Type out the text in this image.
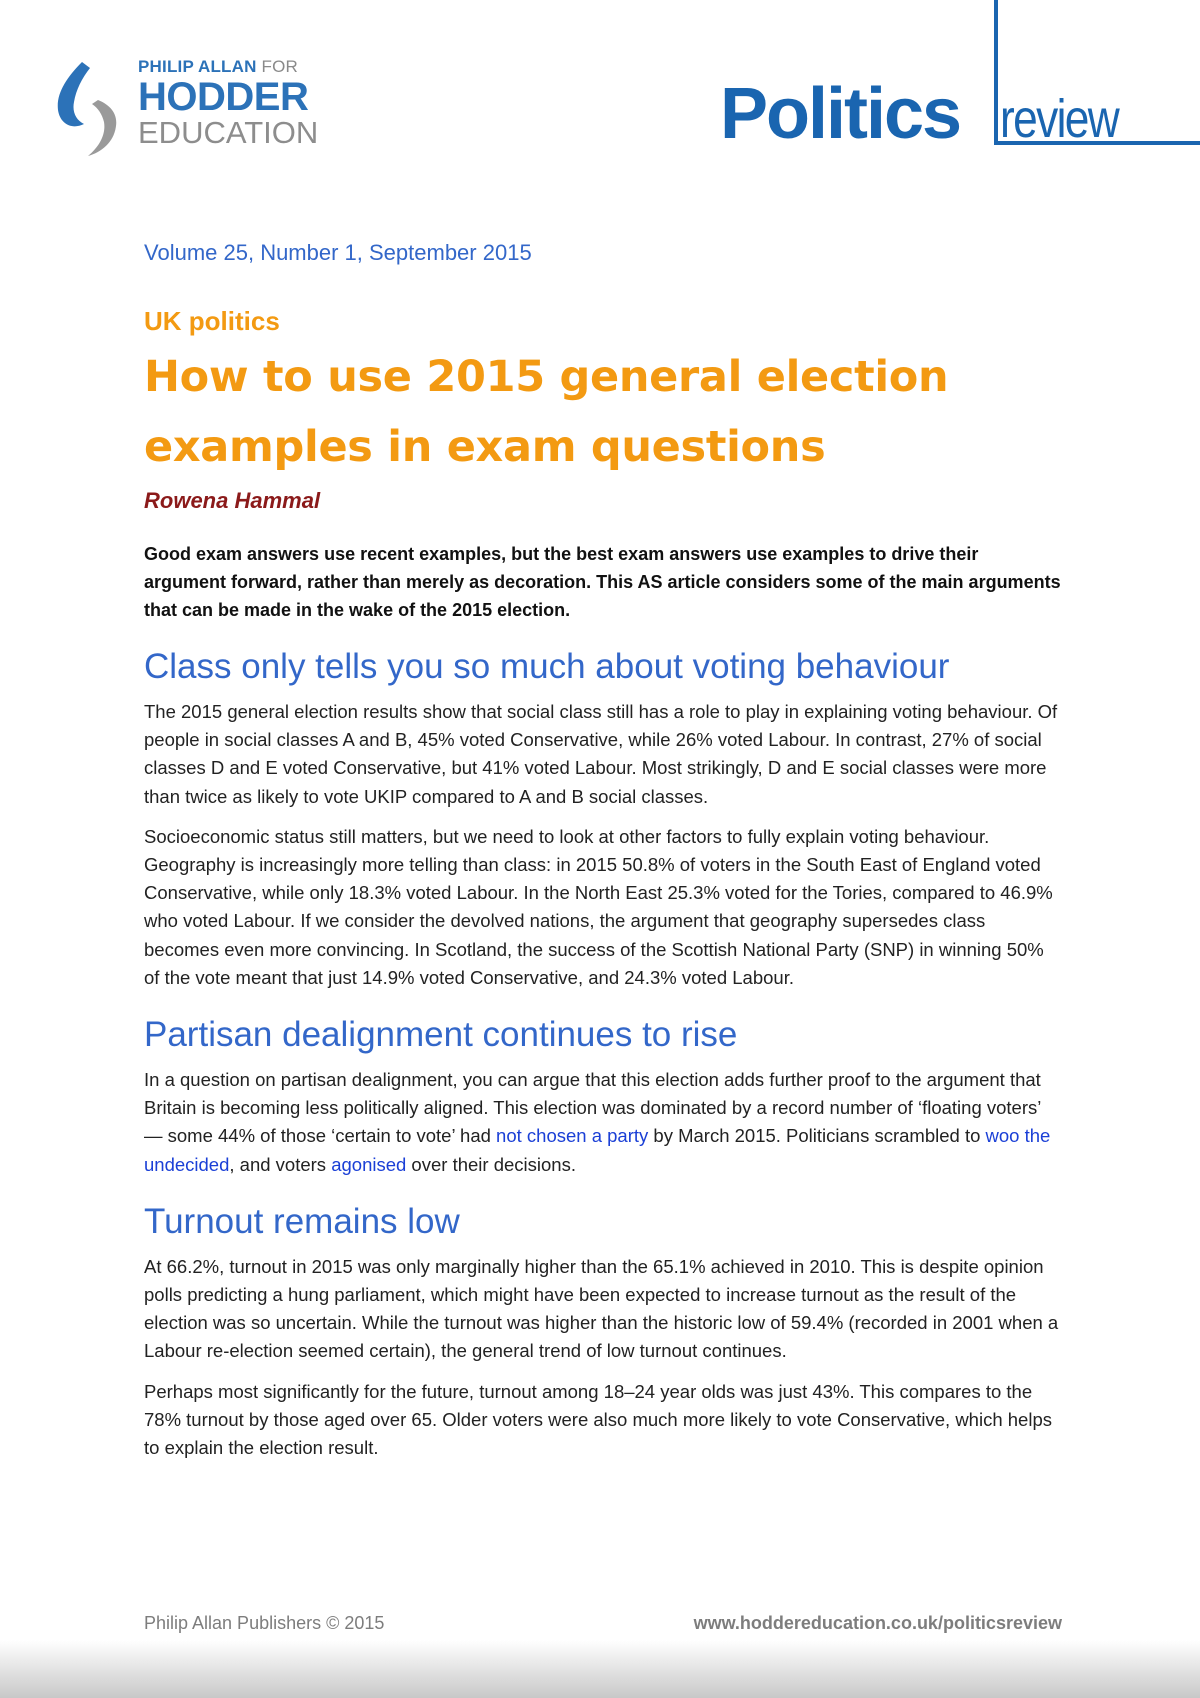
PHILIP ALLAN FOR
HODDER
EDUCATION	Politics review

Volume 25, Number 1, September 2015

UK politics

How to use 2015 general election examples in exam questions

Rowena Hammal

Good exam answers use recent examples, but the best exam answers use examples to drive their argument forward, rather than merely as decoration. This AS article considers some of the main arguments that can be made in the wake of the 2015 election.

Class only tells you so much about voting behaviour

The 2015 general election results show that social class still has a role to play in explaining voting behaviour. Of people in social classes A and B, 45% voted Conservative, while 26% voted Labour. In contrast, 27% of social classes D and E voted Conservative, but 41% voted Labour. Most strikingly, D and E social classes were more than twice as likely to vote UKIP compared to A and B social classes.

Socioeconomic status still matters, but we need to look at other factors to fully explain voting behaviour. Geography is increasingly more telling than class: in 2015 50.8% of voters in the South East of England voted Conservative, while only 18.3% voted Labour. In the North East 25.3% voted for the Tories, compared to 46.9% who voted Labour. If we consider the devolved nations, the argument that geography supersedes class becomes even more convincing. In Scotland, the success of the Scottish National Party (SNP) in winning 50% of the vote meant that just 14.9% voted Conservative, and 24.3% voted Labour.

Partisan dealignment continues to rise

In a question on partisan dealignment, you can argue that this election adds further proof to the argument that Britain is becoming less politically aligned. This election was dominated by a record number of ‘floating voters’ — some 44% of those ‘certain to vote’ had not chosen a party by March 2015. Politicians scrambled to woo the undecided, and voters agonised over their decisions.

Turnout remains low

At 66.2%, turnout in 2015 was only marginally higher than the 65.1% achieved in 2010. This is despite opinion polls predicting a hung parliament, which might have been expected to increase turnout as the result of the election was so uncertain. While the turnout was higher than the historic low of 59.4% (recorded in 2001 when a Labour re-election seemed certain), the general trend of low turnout continues.

Perhaps most significantly for the future, turnout among 18–24 year olds was just 43%. This compares to the 78% turnout by those aged over 65. Older voters were also much more likely to vote Conservative, which helps to explain the election result.

Philip Allan Publishers © 2015	www.hoddereducation.co.uk/politicsreview
